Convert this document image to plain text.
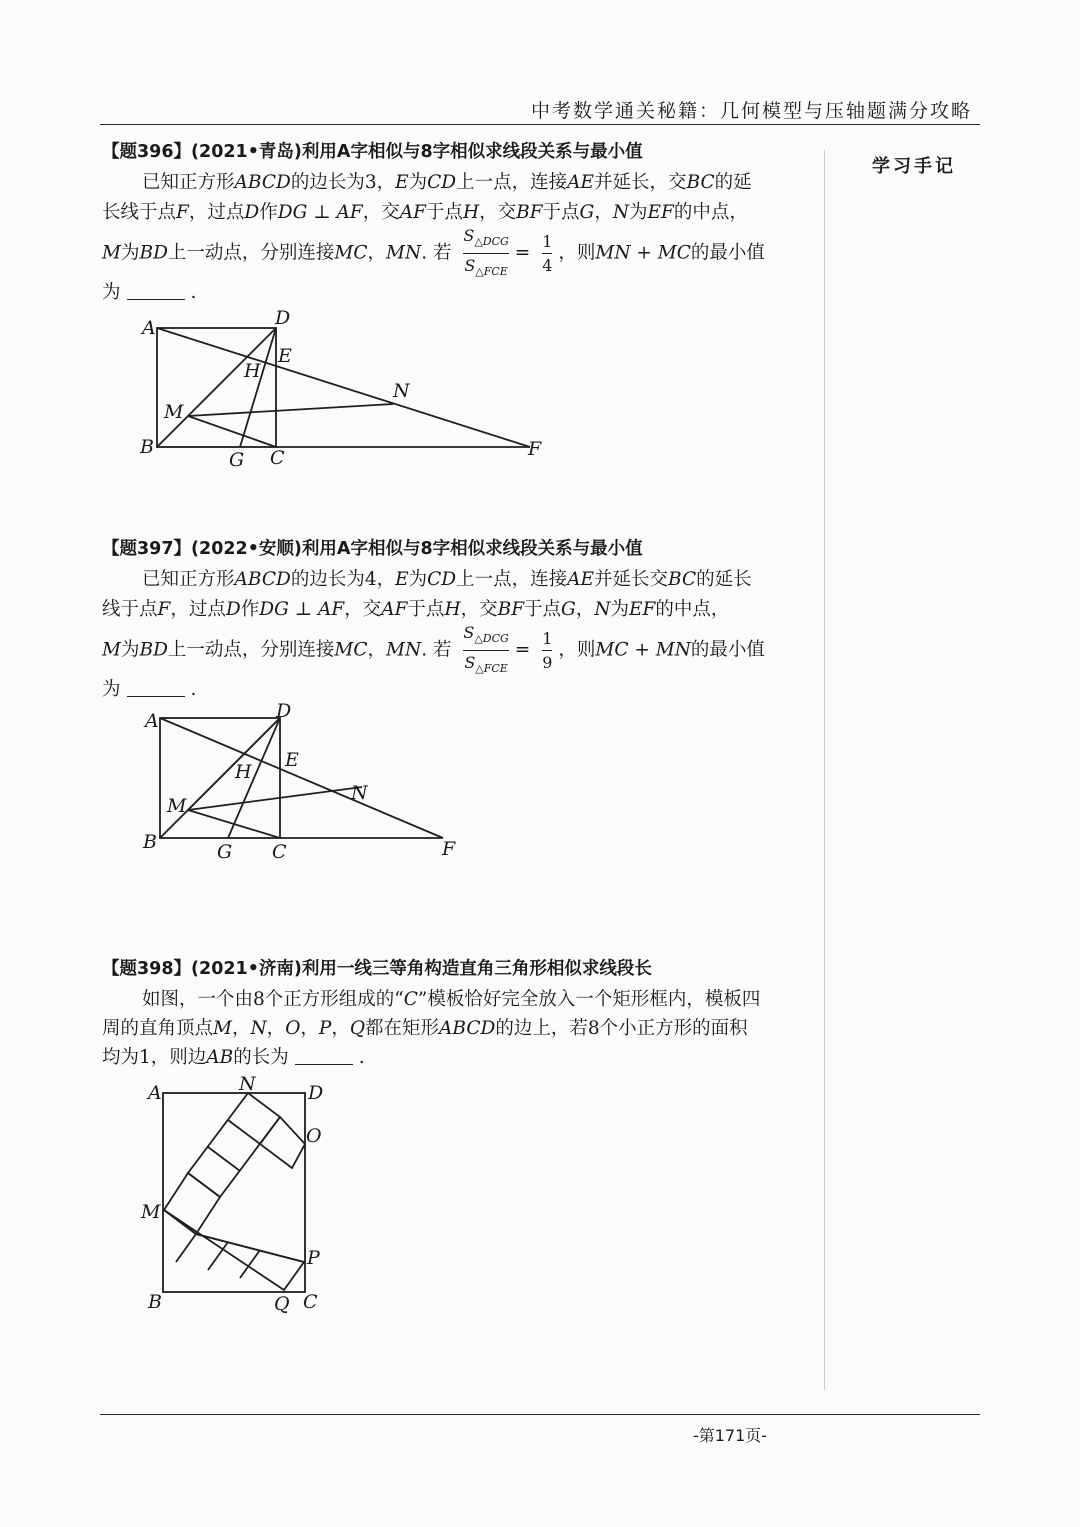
中考数学通关秘籍：几何模型与压轴题满分攻略
学习手记
【题396】(2021•青岛)利用A字相似与8字相似求线段关系与最小值
已知正方形ABCD的边长为3，E为CD上一点，连接AE并延长，交BC的延
长线于点F，过点D作DG ⊥ AF，交AF于点H，交BF于点G，N为EF的中点，
M为BD上一动点，分别连接MC，MN. 若
$S_{\triangle DCG}$
$S_{\triangle FCE}$
= $\frac{1}{4}$ ，则MN + MC的最小值
为	.
A
B	C
D
E
F
G
H
M
N
【题397】(2022•安顺)利用A字相似与8字相似求线段关系与最小值
已知正方形ABCD的边长为4，E为CD上一点，连接AE并延长交BC的延长
线于点F，过点D作DG ⊥ AF，交AF于点H，交BF于点G，N为EF的中点，
M为BD上一动点，分别连接MC，MN. 若
$S_{\triangle DCG}$
$S_{\triangle FCE}$
= $\frac{1}{9}$ ，则MC + MN的最小值
为	.
A
B	C
D
E
F
G
H
M
N
【题398】(2021•济南)利用一线三等角构造直角三角形相似求线段长
如图，一个由8个正方形组成的“C”模板恰好完全放入一个矩形框内，模板四
周的直角顶点M，N，O，P，Q都在矩形ABCD的边上，若8个小正方形的面积
均为1，则边AB的长为	.
A
B	C
D
M
N
O
P
Q
-第171页-
